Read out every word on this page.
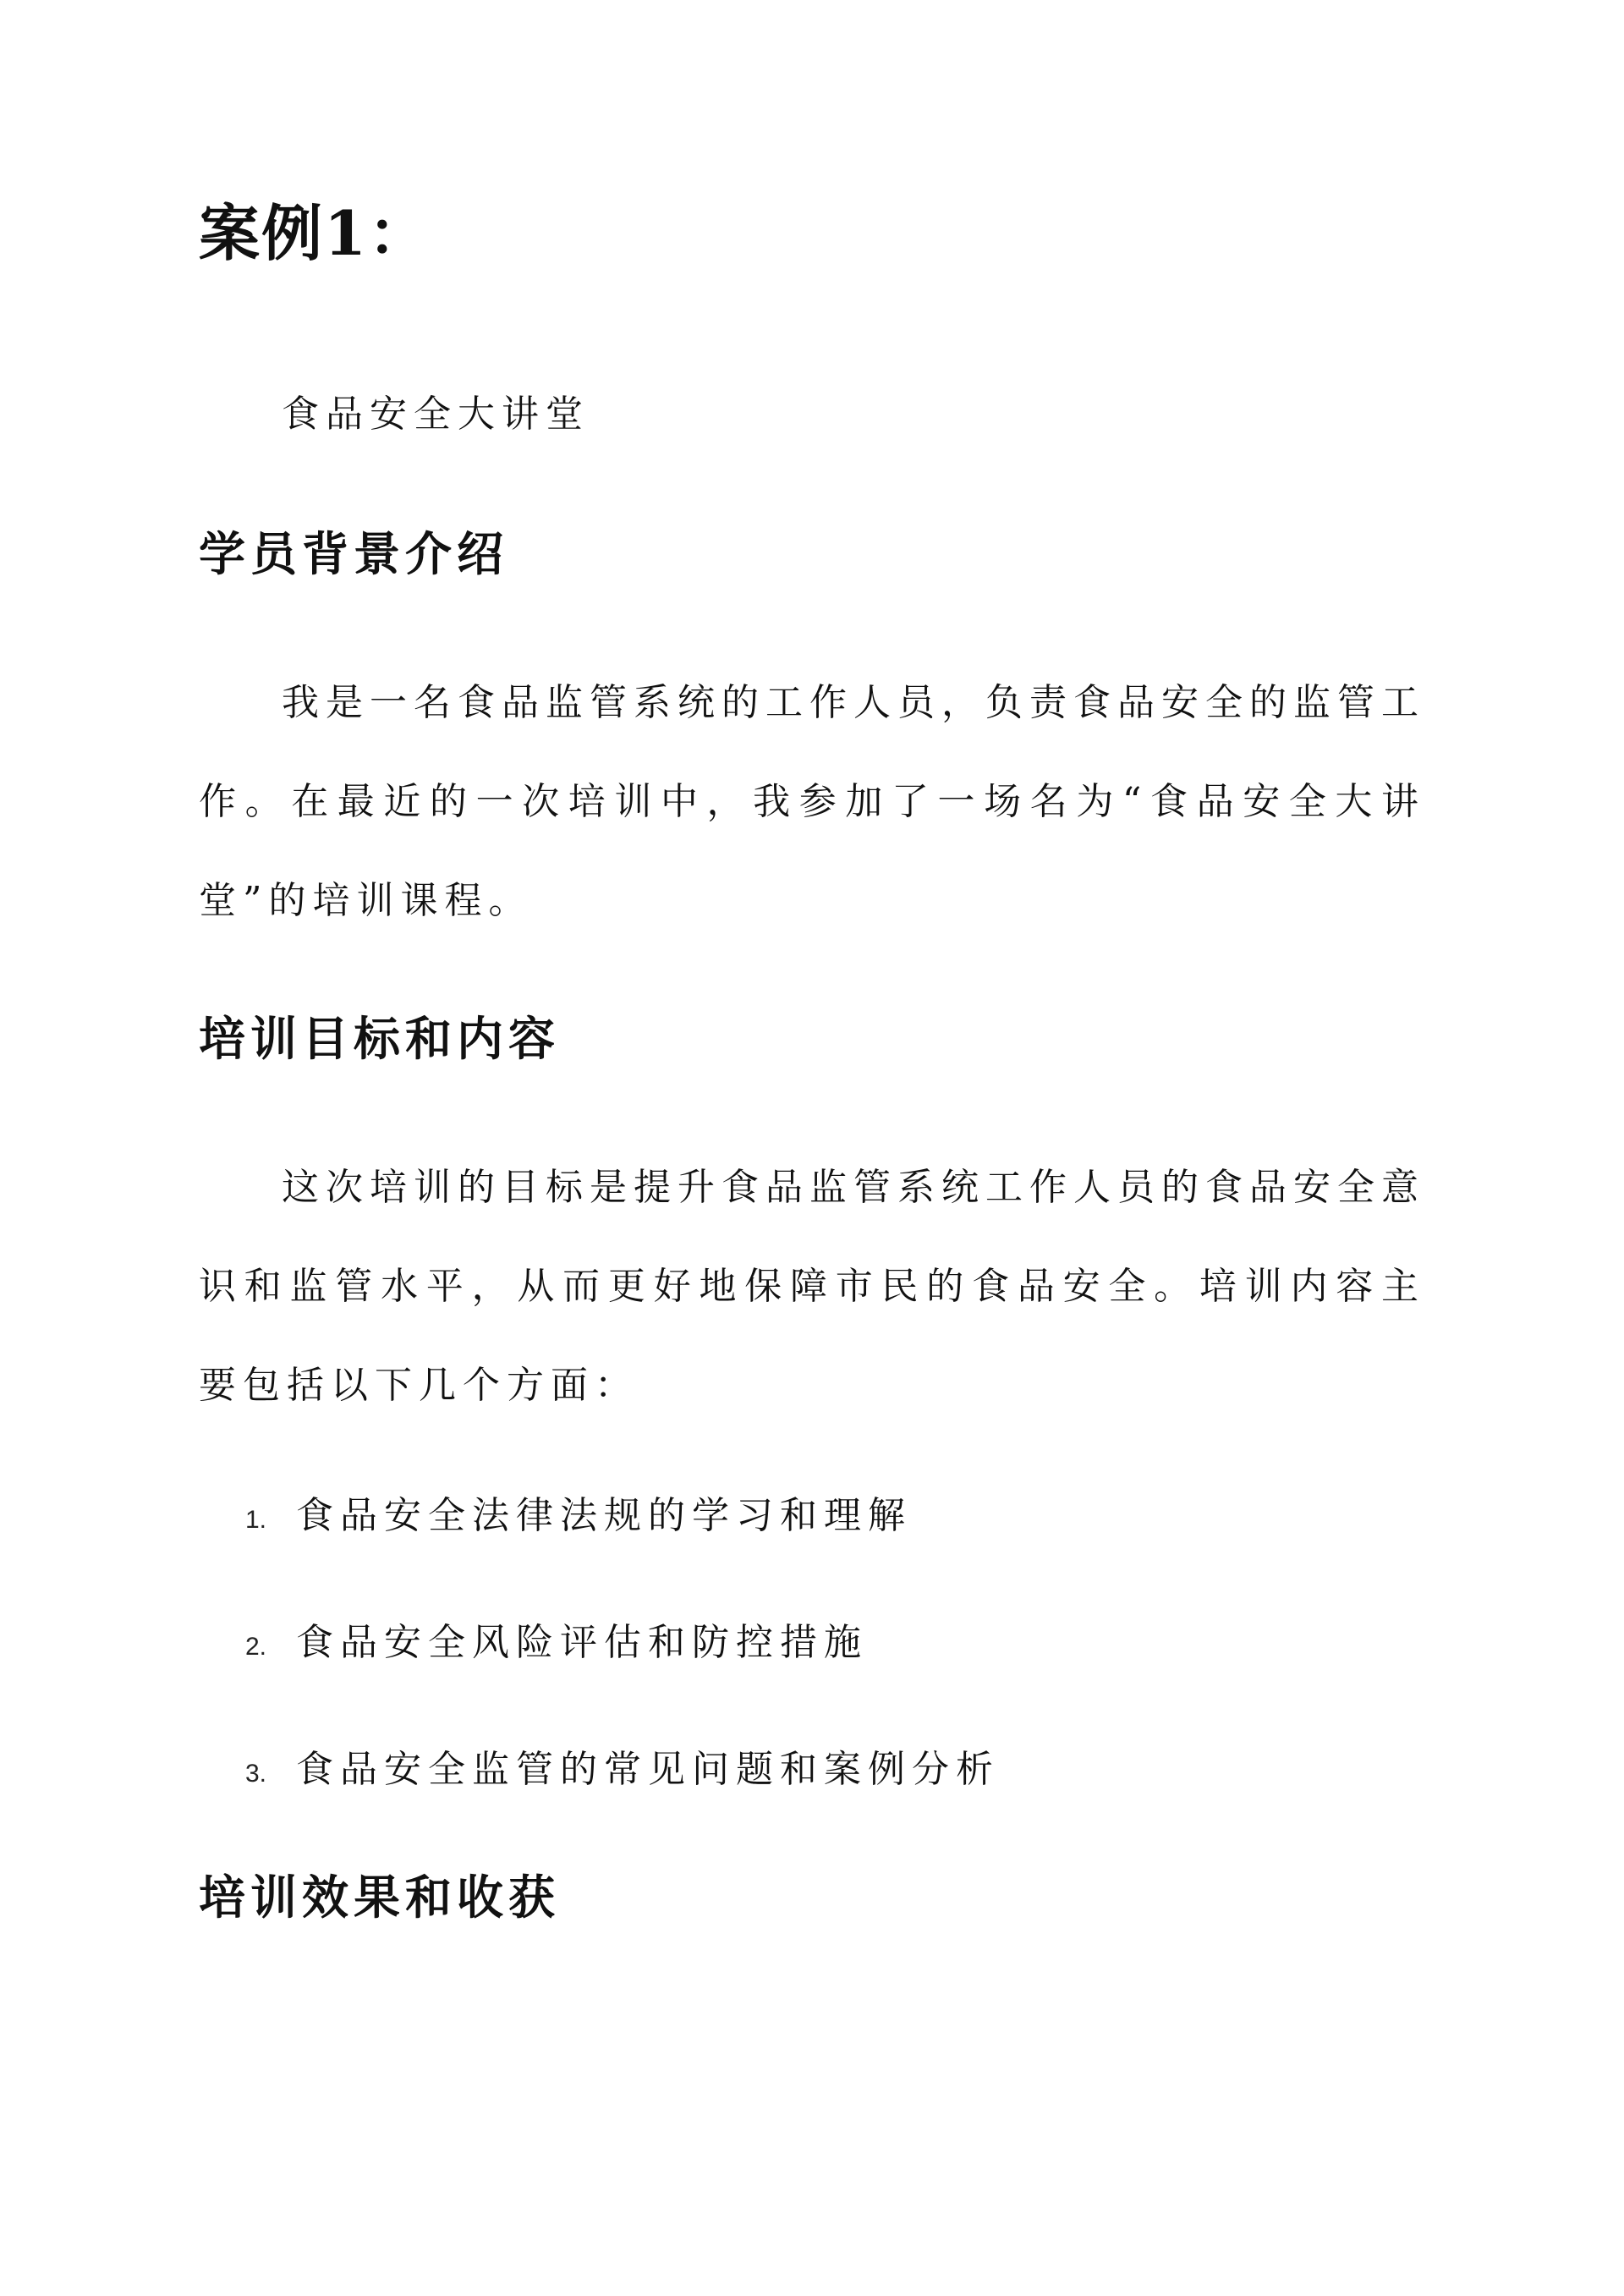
案例1：
食品安全大讲堂
学员背景介绍

我是一名食品监管系统的工作人员，负责食品安全的监管工作。在最近的一次培训中，我参加了一场名为“食品安全大讲堂”的培训课程。

培训目标和内容

这次培训的目标是提升食品监管系统工作人员的食品安全意识和监管水平，从而更好地保障市民的食品安全。培训内容主要包括以下几个方面：

1. 食品安全法律法规的学习和理解
2. 食品安全风险评估和防控措施
3. 食品安全监管的常见问题和案例分析
培训效果和收获
